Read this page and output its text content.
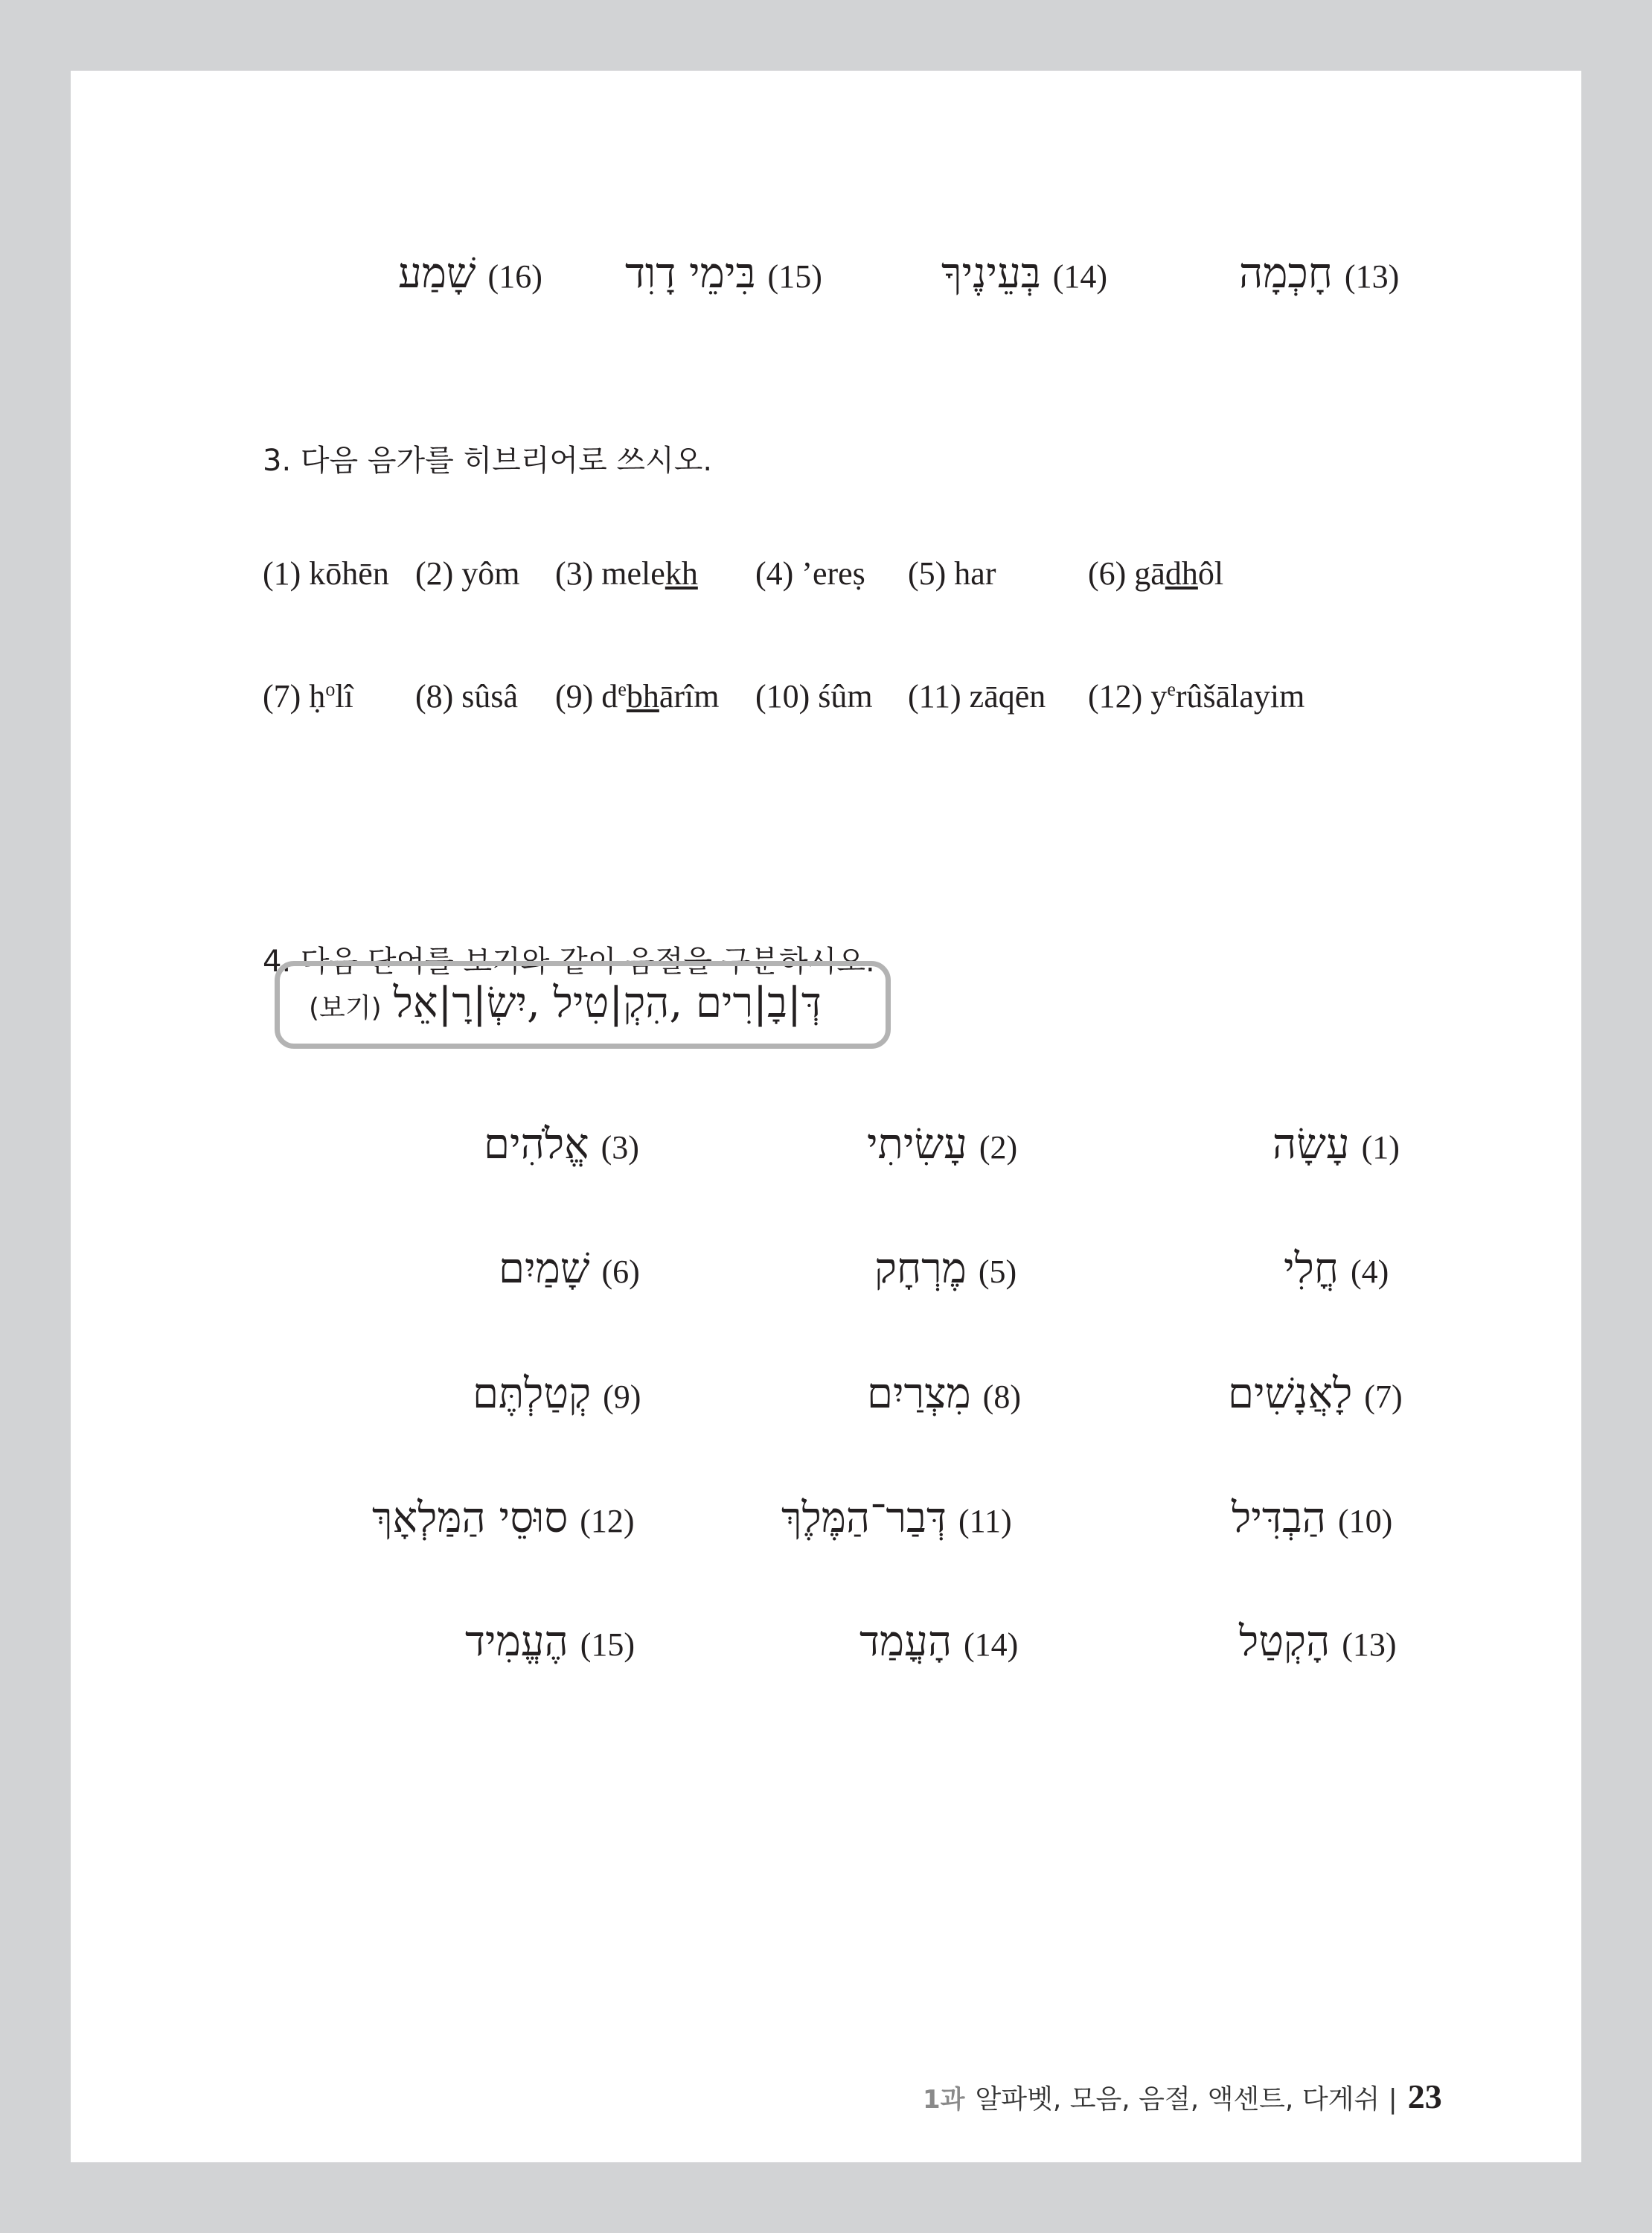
חָכְמָה (13)
בְּעֵינֶיךָ (14)
בִּימֵי דָוִד (15)
שָׁמַע (16)
3. 다음 음가를 히브리어로 쓰시오.
(1) kōhēn (2) yôm (3) melekh (4) ’ereṣ (5) har	(6) gādhôl
(7) ḥ$^o$lî (8) sûsâ (9) $d^ebhārîm$ (10) śûm (11) zāqēn (12) $y^erûšālayim$
4. 다음 단어를 보기와 같이 음절을 구분하시오.
(보기) דְּ|בָ|רִים ,הִקְ|טִיל ,יִשְׂ|רָ|אֵל
עָשָׂה (1)
עָשִׂיתִי (2)
אֱלֹהִים (3)
חֳלִי (4)
מֶרְחָק (5)
שָׁמַיִם (6)
לָאֲנָשִׁים (7)
מִצְרַיִם (8)
קְטַלְתֶּם (9)
הַבְדִּיל (10)
דְּבַר־הַמֶּלֶךְ (11)
סוּסֵי הַמַּלְאָךְ (12)
הָקְטַל (13)
הָעֳמַד (14)
הֶעֱמִיד (15)
1과 알파벳, 모음, 음절, 액센트, 다게쉬 | 23
